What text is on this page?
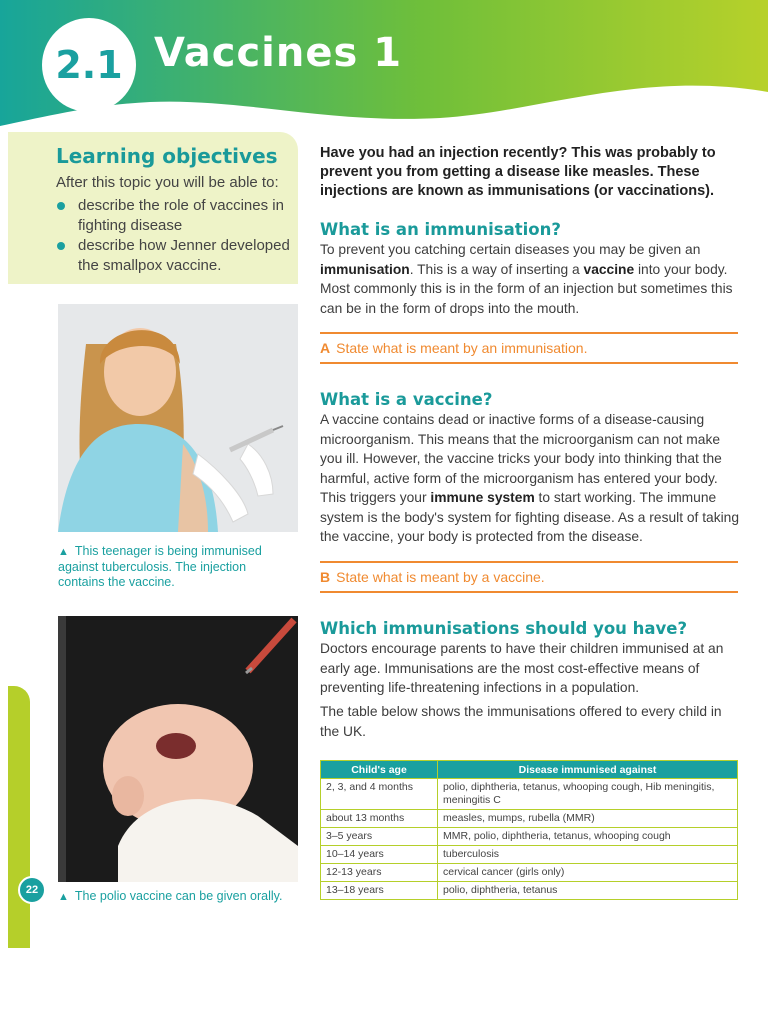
2.1 Vaccines 1
Learning objectives
After this topic you will be able to:
describe the role of vaccines in fighting disease
describe how Jenner developed the smallpox vaccine.
▲ This teenager is being immunised against tuberculosis. The injection contains the vaccine.
▲ The polio vaccine can be given orally.
22
Have you had an injection recently? This was probably to prevent you from getting a disease like measles. These injections are known as immunisations (or vaccinations).
What is an immunisation?
To prevent you catching certain diseases you may be given an immunisation. This is a way of inserting a vaccine into your body. Most commonly this is in the form of an injection but sometimes this can be in the form of drops into the mouth.
A State what is meant by an immunisation.
What is a vaccine?
A vaccine contains dead or inactive forms of a disease-causing microorganism. This means that the microorganism can not make you ill. However, the vaccine tricks your body into thinking that the harmful, active form of the microorganism has entered your body. This triggers your immune system to start working. The immune system is the body's system for fighting disease. As a result of taking the vaccine, your body is protected from the disease.
B State what is meant by a vaccine.
Which immunisations should you have?
Doctors encourage parents to have their children immunised at an early age. Immunisations are the most cost-effective means of preventing life-threatening infections in a population.
The table below shows the immunisations offered to every child in the UK.
Child's age	Disease immunised against
2, 3, and 4 months	polio, diphtheria, tetanus, whooping cough, Hib meningitis, meningitis C
about 13 months	measles, mumps, rubella (MMR)
3–5 years	MMR, polio, diphtheria, tetanus, whooping cough
10–14 years	tuberculosis
12-13 years	cervical cancer (girls only)
13–18 years	polio, diphtheria, tetanus
